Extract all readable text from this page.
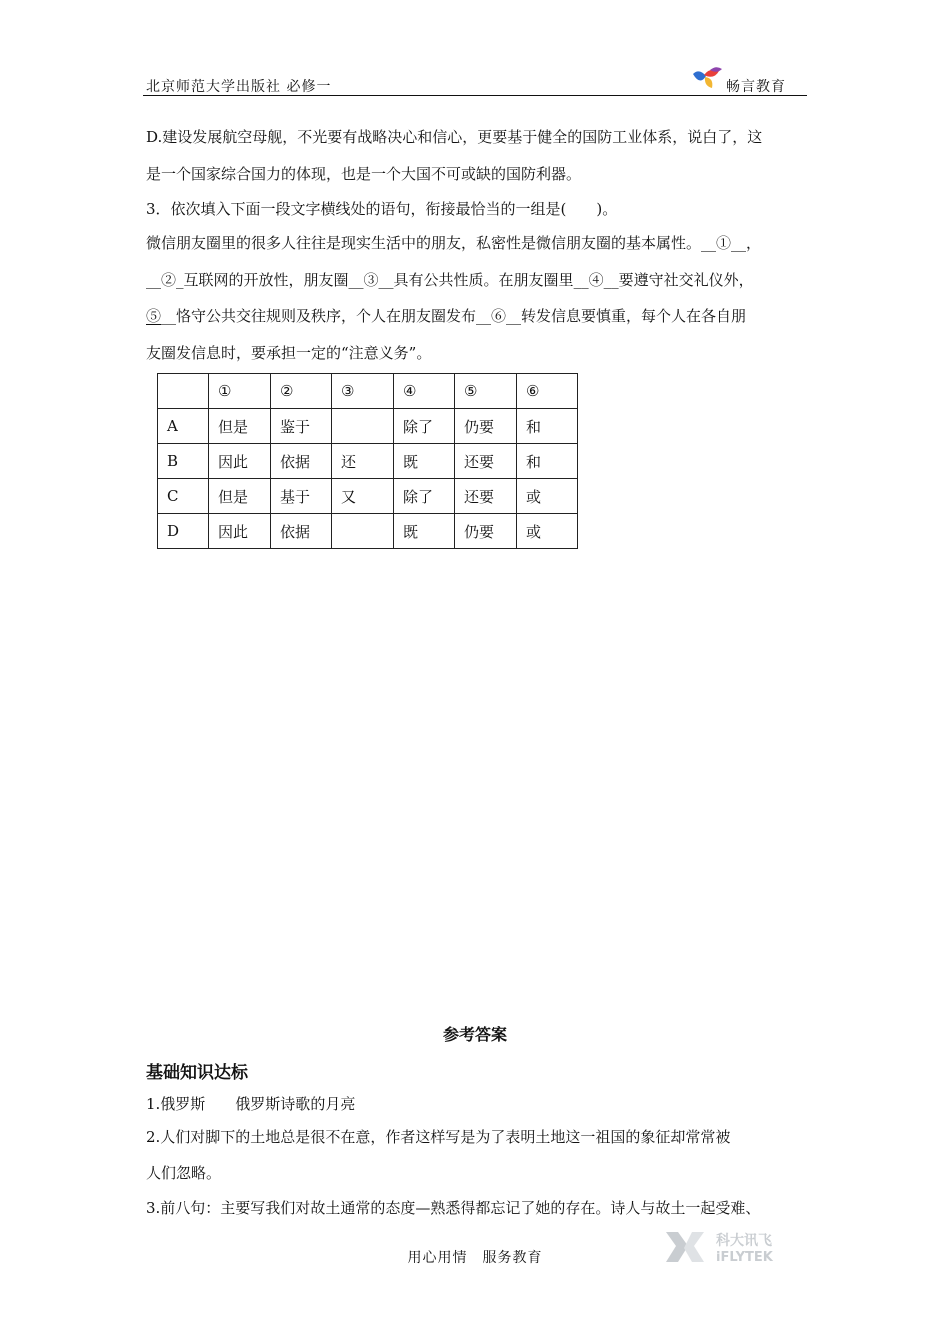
北京师范大学出版社 必修一	畅言教育
D.建设发展航空母舰，不光要有战略决心和信心，更要基于健全的国防工业体系，说白了，这
是一个国家综合国力的体现，也是一个大国不可或缺的国防利器。
3．依次填入下面一段文字横线处的语句，衔接最恰当的一组是(　　)。
微信朋友圈里的很多人往往是现实生活中的朋友，私密性是微信朋友圈的基本属性。__①__，
__②_互联网的开放性，朋友圈__③__具有公共性质。在朋友圈里__④__要遵守社交礼仪外，
⑤__恪守公共交往规则及秩序，个人在朋友圈发布__⑥__转发信息要慎重，每个人在各自朋
友圈发信息时，要承担一定的“注意义务”。
	①	②	③	④	⑤	⑥
A	但是	鉴于		除了	仍要	和
B	因此	依据	还	既	还要	和
C	但是	基于	又	除了	还要	或
D	因此	依据		既	仍要	或
参考答案
基础知识达标
1.俄罗斯　　俄罗斯诗歌的月亮
2.人们对脚下的土地总是很不在意，作者这样写是为了表明土地这一祖国的象征却常常被
人们忽略。
3.前八句：主要写我们对故土通常的态度—熟悉得都忘记了她的存在。诗人与故土一起受难、
用心用情　服务教育
科大讯飞
iFLYTEK
